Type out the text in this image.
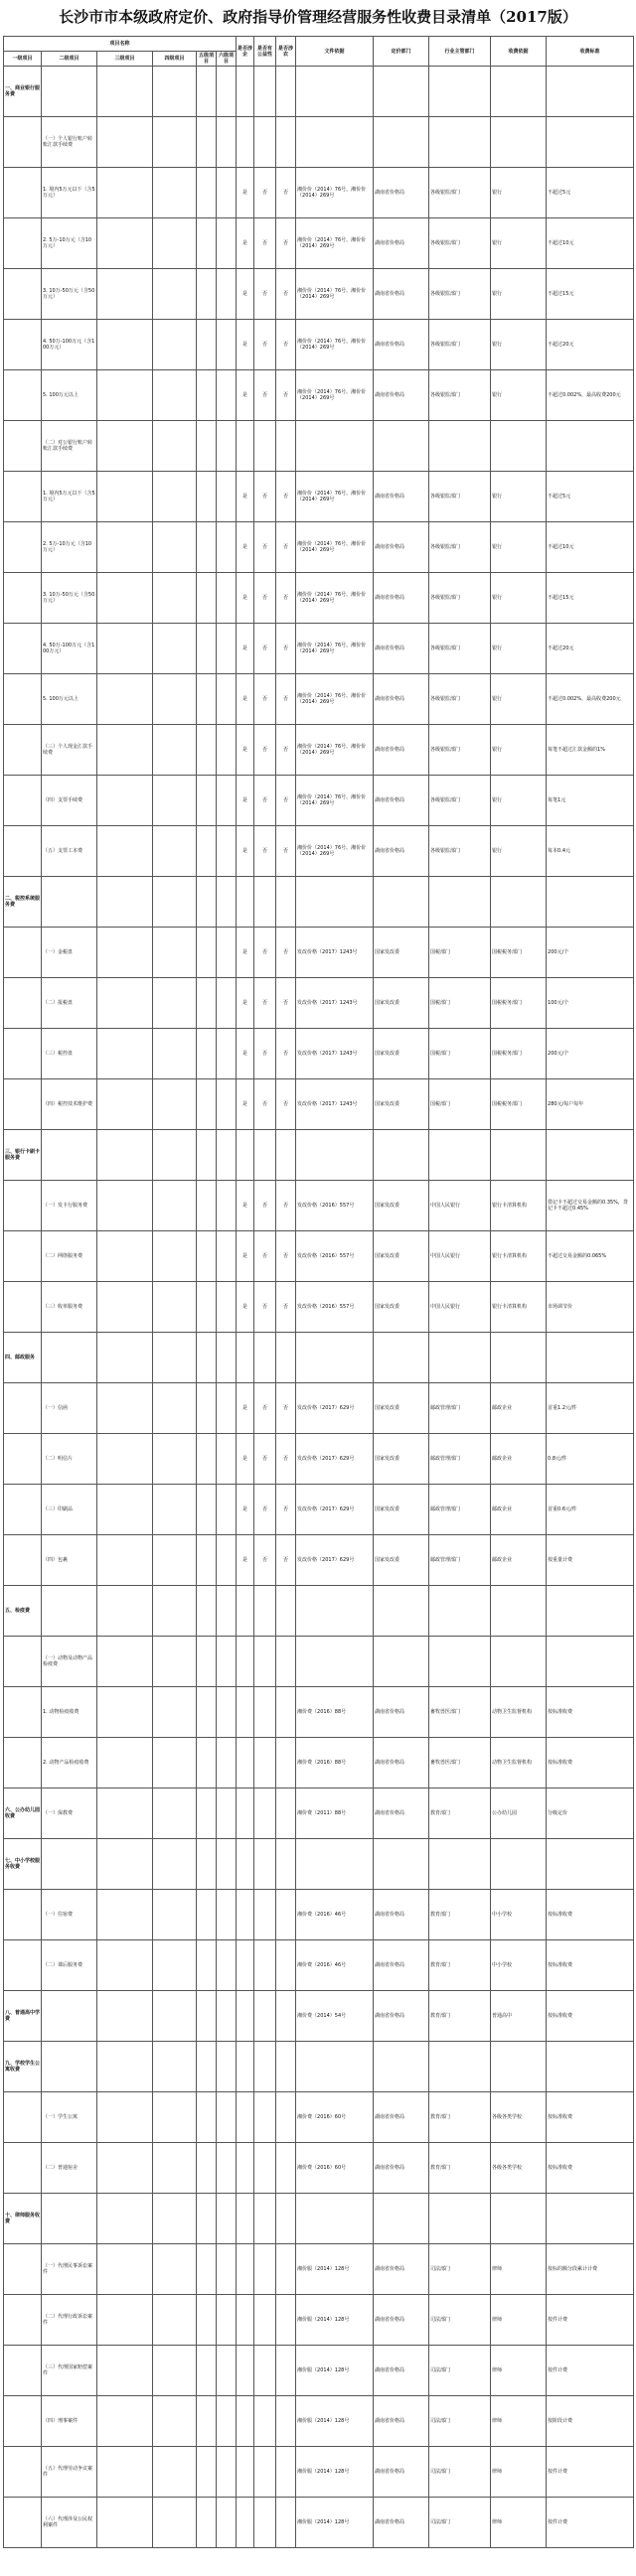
长沙市市本级政府定价、政府指导价管理经营服务性收费目录清单（2017版）
项目名称						是否涉企	是否有公益性	是否涉农	文件依据	定价部门	行业主管部门	收费依据	收费标准
一级项目	二级项目	三级项目	四级项目	五级项目	六级项目								
一、商业银行服务费													
	（一）个人银行账户转账汇款手续费												
	1. 境内5万元以下（含5万元）					是	否	否	湘价价（2014）76号、湘价价（2014）269号	湖南省价格局	各级银监部门	银行	不超过5元
	2. 5万-10万元（含10万元）					是	否	否	湘价价（2014）76号、湘价价（2014）269号	湖南省价格局	各级银监部门	银行	不超过10元
	3. 10万-50万元（含50万元）					是	否	否	湘价价（2014）76号、湘价价（2014）269号	湖南省价格局	各级银监部门	银行	不超过15元
	4. 50万-100万元（含100万元）					是	否	否	湘价价（2014）76号、湘价价（2014）269号	湖南省价格局	各级银监部门	银行	不超过20元
	5. 100万元以上					是	否	否	湘价价（2014）76号、湘价价（2014）269号	湖南省价格局	各级银监部门	银行	不超过0.002%，最高收费200元
	（二）对公银行账户转账汇款手续费												
	1. 境内5万元以下（含5万元）					是	否	否	湘价价（2014）76号、湘价价（2014）269号	湖南省价格局	各级银监部门	银行	不超过5元
	2. 5万-10万元（含10万元）					是	否	否	湘价价（2014）76号、湘价价（2014）269号	湖南省价格局	各级银监部门	银行	不超过10元
	3. 10万-50万元（含50万元）					是	否	否	湘价价（2014）76号、湘价价（2014）269号	湖南省价格局	各级银监部门	银行	不超过15元
	4. 50万-100万元（含100万元）					是	否	否	湘价价（2014）76号、湘价价（2014）269号	湖南省价格局	各级银监部门	银行	不超过20元
	5. 100万元以上					是	否	否	湘价价（2014）76号、湘价价（2014）269号	湖南省价格局	各级银监部门	银行	不超过0.002%，最高收费200元
	（三）个人现金汇款手续费					是	否	否	湘价价（2014）76号、湘价价（2014）269号	湖南省价格局	各级银监部门	银行	每笔不超过汇款金额的1%
	（四）支票手续费					是	否	否	湘价价（2014）76号、湘价价（2014）269号	湖南省价格局	各级银监部门	银行	每笔1元
	（五）支票工本费					是	否	否	湘价价（2014）76号、湘价价（2014）269号	湖南省价格局	各级银监部门	银行	每本0.4元
二、税控系统服务费													
	（一）金税盘					是	否	否	发改价格（2017）1243号	国家发改委	国税部门	国税税务部门	200元/个
	（二）报税盘					是	否	否	发改价格（2017）1243号	国家发改委	国税部门	国税税务部门	100元/个
	（三）税控盘					是	否	否	发改价格（2017）1243号	国家发改委	国税部门	国税税务部门	200元/个
	（四）税控技术维护费					是	否	否	发改价格（2017）1243号	国家发改委	国税部门	国税税务部门	280元/每户每年
三、银行卡刷卡服务费													
	（一）发卡行服务费					是	否	否	发改价格（2016）557号	国家发改委	中国人民银行	银行卡清算机构	借记卡不超过交易金额的0.35%，贷记卡不超过0.45%
	（二）网络服务费					是	否	否	发改价格（2016）557号	国家发改委	中国人民银行	银行卡清算机构	不超过交易金额的0.065%
	（三）收单服务费					是	否	否	发改价格（2016）557号	国家发改委	中国人民银行	银行卡清算机构	市场调节价
四、邮政服务													
	（一）信函					是	否	否	发改价格（2017）629号	国家发改委	邮政管理部门	邮政企业	首重1.2元/件
	（二）明信片					是	否	否	发改价格（2017）629号	国家发改委	邮政管理部门	邮政企业	0.8元/件
	（三）印刷品					是	否	否	发改价格（2017）629号	国家发改委	邮政管理部门	邮政企业	首重0.6元/件
	（四）包裹					是	否	否	发改价格（2017）629号	国家发改委	邮政管理部门	邮政企业	按重量计费
五、检疫费													
	（一）动物及动物产品检疫费												
	1. 动物检疫收费								湘价费（2016）88号	湖南省价格局	畜牧兽医部门	动物卫生监督机构	按标准收费
	2. 动物产品检疫收费								湘价费（2016）88号	湖南省价格局	畜牧兽医部门	动物卫生监督机构	按标准收费
六、公办幼儿园收费	（一）保教费								湘价费（2011）88号	湖南省价格局	教育部门	公办幼儿园	分级定价
七、中小学校服务收费													
	（一）住宿费								湘价费（2016）46号	湖南省价格局	教育部门	中小学校	按标准收费
	（二）课后服务费								湘价费（2016）46号	湖南省价格局	教育部门	中小学校	按标准收费
八、普通高中学费									湘价费（2014）54号	湖南省价格局	教育部门	普通高中	按标准收费
九、学校学生公寓收费													
	（一）学生公寓								湘价费（2016）60号	湖南省价格局	教育部门	各级各类学校	按标准收费
	（二）普通宿舍								湘价费（2016）60号	湖南省价格局	教育部门	各级各类学校	按标准收费
十、律师服务收费													
	（一）代理民事诉讼案件								湘价服（2014）128号	湖南省价格局	司法部门	律师	按标的额分段累计计费
	（二）代理行政诉讼案件								湘价服（2014）128号	湖南省价格局	司法部门	律师	按件计费
	（三）代理国家赔偿案件								湘价服（2014）128号	湖南省价格局	司法部门	律师	按件计费
	（四）刑事案件								湘价服（2014）128号	湖南省价格局	司法部门	律师	按阶段计费
	（五）代理劳动争议案件								湘价服（2014）128号	湖南省价格局	司法部门	律师	按件计费
	（六）代理涉及公民权利案件								湘价服（2014）128号	湖南省价格局	司法部门	律师	按件计费
